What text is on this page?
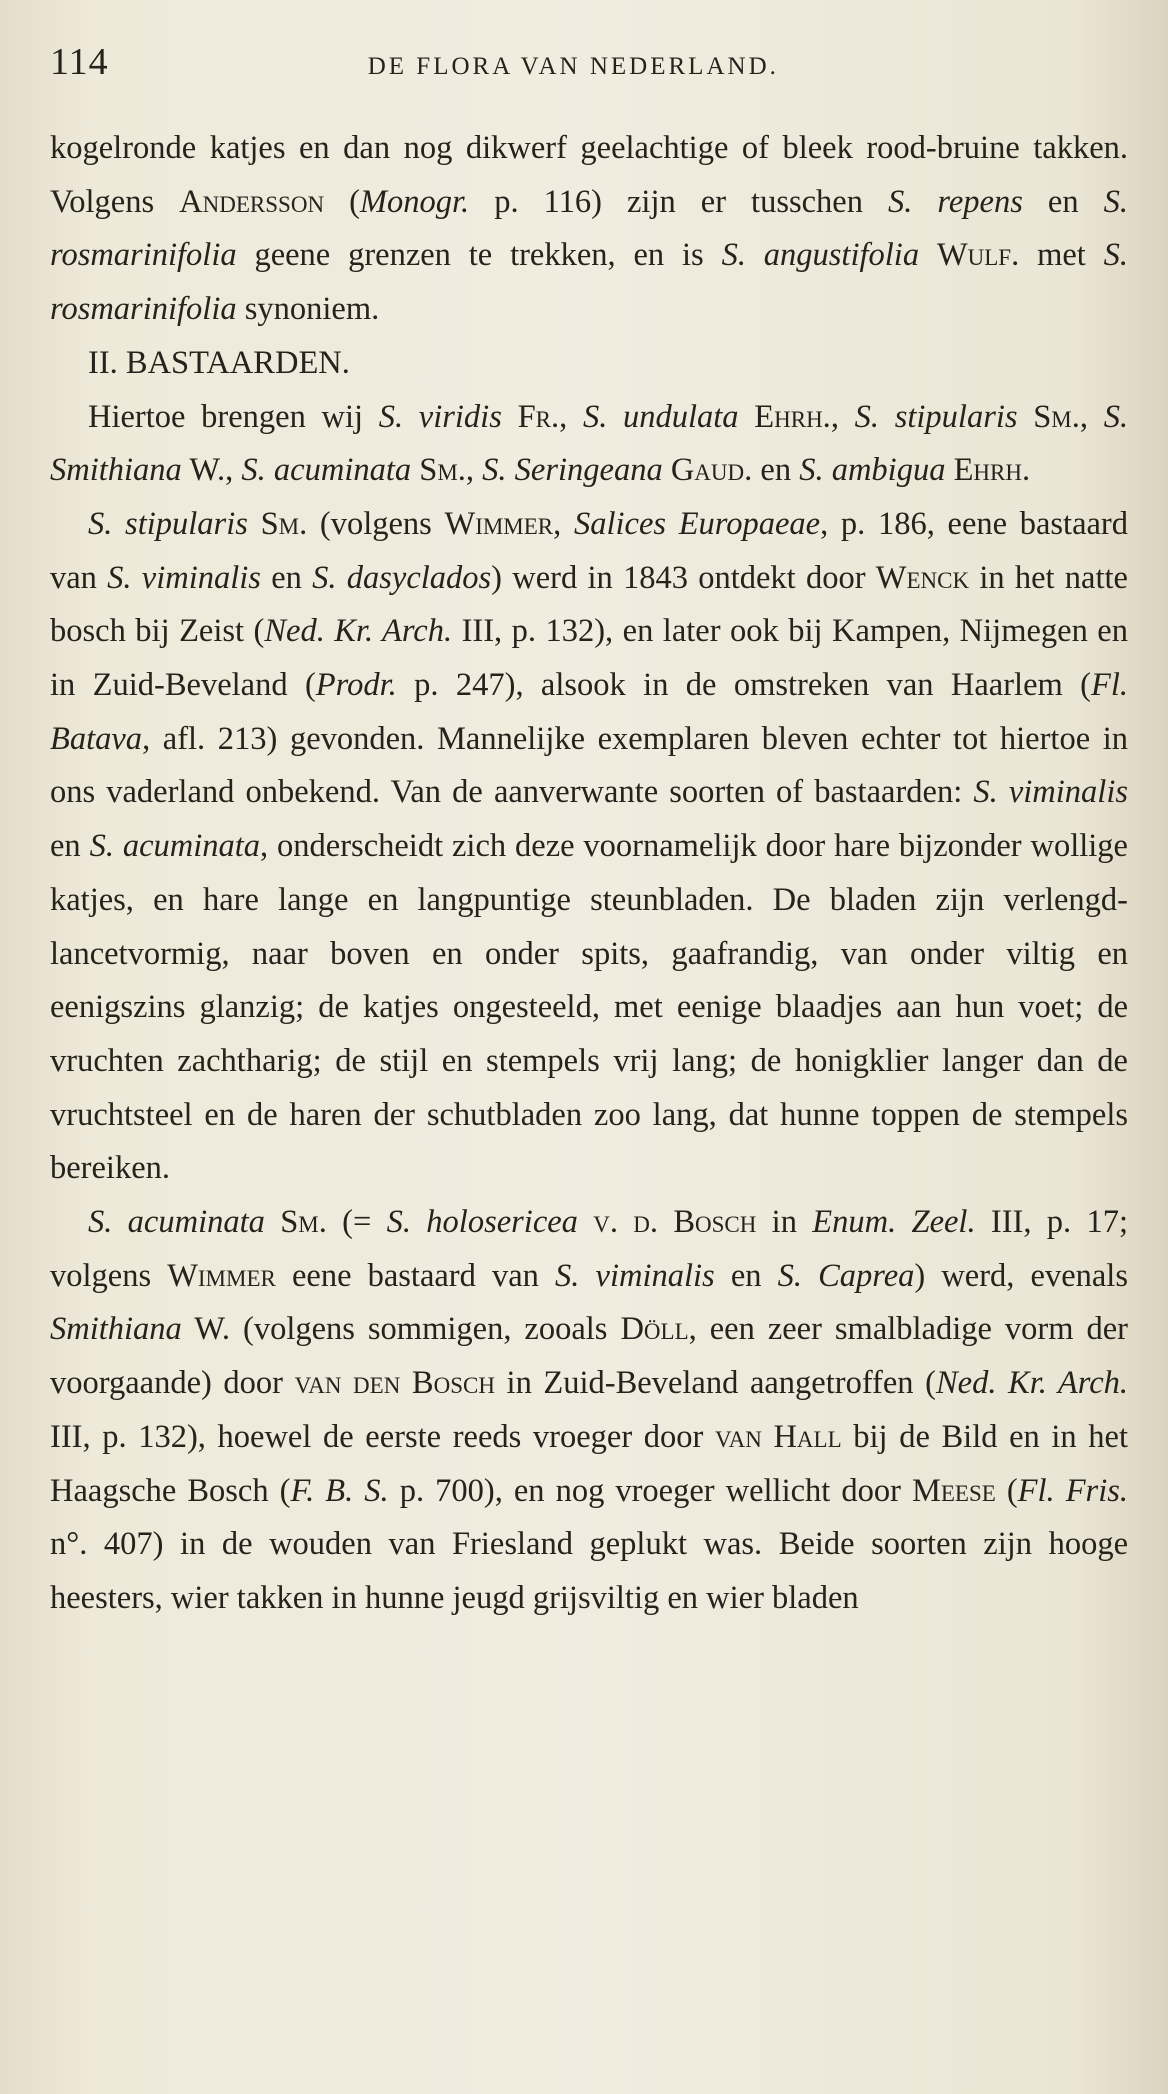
114	DE FLORA VAN NEDERLAND.

kogelronde katjes en dan nog dikwerf geelachtige of bleek rood-bruine takken. Volgens Andersson (Monogr. p. 116) zijn er tusschen S. repens en S. rosmarinifolia geene grenzen te trekken, en is S. angustifolia Wulf. met S. rosmarinifolia synoniem.

II. BASTAARDEN.

Hiertoe brengen wij S. viridis Fr., S. undulata Ehrh., S. stipularis Sm., S. Smithiana W., S. acuminata Sm., S. Seringeana Gaud. en S. ambigua Ehrh.

S. stipularis Sm. (volgens Wimmer, Salices Europaeae, p. 186, eene bastaard van S. viminalis en S. dasyclados) werd in 1843 ontdekt door Wenck in het natte bosch bij Zeist (Ned. Kr. Arch. III, p. 132), en later ook bij Kampen, Nijmegen en in Zuid-Beveland (Prodr. p. 247), alsook in de omstreken van Haarlem (Fl. Batava, afl. 213) gevonden. Mannelijke exemplaren bleven echter tot hiertoe in ons vaderland onbekend. Van de aanverwante soorten of bastaarden: S. viminalis en S. acuminata, onderscheidt zich deze voornamelijk door hare bijzonder wollige katjes, en hare lange en langpuntige steunbladen. De bladen zijn verlengd-lancetvormig, naar boven en onder spits, gaafrandig, van onder viltig en eenigszins glanzig; de katjes ongesteeld, met eenige blaadjes aan hun voet; de vruchten zachtharig; de stijl en stempels vrij lang; de honigklier langer dan de vruchtsteel en de haren der schutbladen zoo lang, dat hunne toppen de stempels bereiken.

S. acuminata Sm. (= S. holosericea v. d. Bosch in Enum. Zeel. III, p. 17; volgens Wimmer eene bastaard van S. viminalis en S. Caprea) werd, evenals Smithiana W. (volgens sommigen, zooals Döll, een zeer smalbladige vorm der voorgaande) door van den Bosch in Zuid-Beveland aangetroffen (Ned. Kr. Arch. III, p. 132), hoewel de eerste reeds vroeger door van Hall bij de Bild en in het Haagsche Bosch (F. B. S. p. 700), en nog vroeger wellicht door Meese (Fl. Fris. n°. 407) in de wouden van Friesland geplukt was. Beide soorten zijn hooge heesters, wier takken in hunne jeugd grijsviltig en wier bladen
